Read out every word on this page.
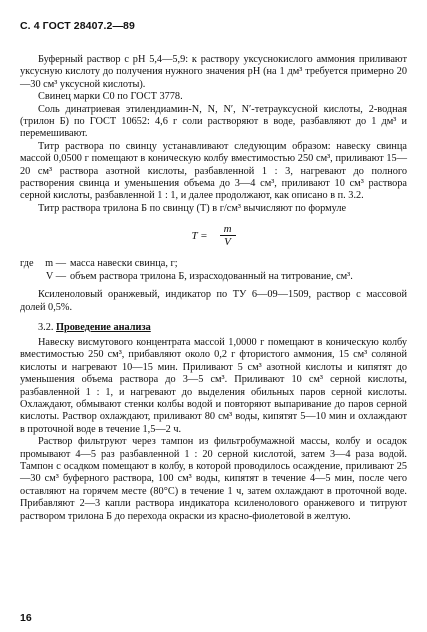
С. 4 ГОСТ 28407.2—89

Буферный раствор с рН 5,4—5,9: к раствору уксуснокислого аммония приливают уксусную кислоту до получения нужного значения рН (на 1 дм³ требуется примерно 20—30 см³ уксусной кислоты).

Свинец марки С0 по ГОСТ 3778.

Соль динатриевая этилендиамин-N, N, N′, N′-тетрауксусной кислоты, 2-водная (трилон Б) по ГОСТ 10652: 4,6 г соли растворяют в воде, разбавляют до 1 дм³ и перемешивают.

Титр раствора по свинцу устанавливают следующим образом: навеску свинца массой 0,0500 г помещают в коническую колбу вместимостью 250 см³, приливают 15—20 см³ раствора азотной кислоты, разбавленной 1 : 3, нагревают до полного растворения свинца и уменьшения объема до 3—4 см³, приливают 10 см³ раствора серной кислоты, разбавленной 1 : 1, и далее продолжают, как описано в п. 3.2.

Титр раствора трилона Б по свинцу (T) в г/см³ вычисляют по формуле

$T = \frac{m}{V}$
где	m — масса навески свинца, г;
V — объем раствора трилона Б, израсходованный на титрование, см³.

Ксиленоловый оранжевый, индикатор по ТУ 6—09—1509, раствор с массовой долей 0,5%.

3.2. Проведение анализа

Навеску висмутового концентрата массой 1,0000 г помещают в коническую колбу вместимостью 250 см³, прибавляют около 0,2 г фтористого аммония, 15 см³ соляной кислоты и нагревают 10—15 мин. Приливают 5 см³ азотной кислоты и кипятят до уменьшения объема раствора до 3—5 см³. Приливают 10 см³ серной кислоты, разбавленной 1 : 1, и нагревают до выделения обильных паров серной кислоты. Охлаждают, обмывают стенки колбы водой и повторяют выпаривание до паров серной кислоты. Раствор охлаждают, приливают 80 см³ воды, кипятят 5—10 мин и охлаждают в проточной воде в течение 1,5—2 ч.

Раствор фильтруют через тампон из фильтробумажной массы, колбу и осадок промывают 4—5 раз разбавленной 1 : 20 серной кислотой, затем 3—4 раза водой. Тампон с осадком помещают в колбу, в которой проводилось осаждение, приливают 25—30 см³ буферного раствора, 100 см³ воды, кипятят в течение 4—5 мин, после чего оставляют на горячем месте (80°С) в течение 1 ч, затем охлаждают в проточной воде. Прибавляют 2—3 капли раствора индикатора ксиленолового оранжевого и титруют раствором трилона Б до перехода окраски из красно-фиолетовой в желтую.

16
